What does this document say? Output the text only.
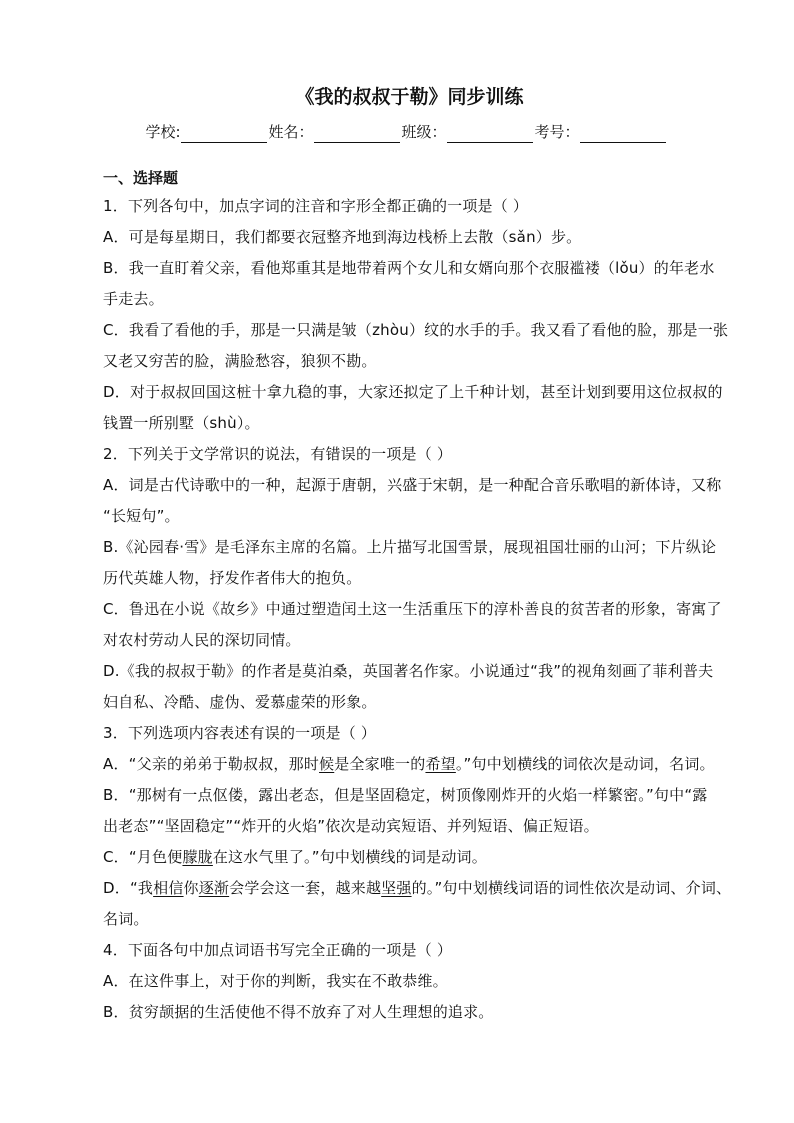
《我的叔叔于勒》同步训练
学校:	姓名：	班级：	考号：
一、选择题

1．下列各句中，加点字词的注音和字形全都正确的一项是（ ）

A．可是每星期日，我们都要衣冠整齐地到海边栈桥上去散（sǎn）步。

B．我一直盯着父亲，看他郑重其是地带着两个女儿和女婿向那个衣服褴褛（lǒu）的年老水

手走去。

C．我看了看他的手，那是一只满是皱（zhòu）纹的水手的手。我又看了看他的脸，那是一张

又老又穷苦的脸，满脸愁容，狼狈不勘。

D．对于叔叔回国这桩十拿九稳的事，大家还拟定了上千种计划，甚至计划到要用这位叔叔的

钱置一所别墅（shù）。

2．下列关于文学常识的说法，有错误的一项是（ ）

A．词是古代诗歌中的一种，起源于唐朝，兴盛于宋朝，是一种配合音乐歌唱的新体诗，又称

“长短句”。

B.《沁园春·雪》是毛泽东主席的名篇。上片描写北国雪景，展现祖国壮丽的山河；下片纵论

历代英雄人物，抒发作者伟大的抱负。

C．鲁迅在小说《故乡》中通过塑造闰土这一生活重压下的淳朴善良的贫苦者的形象，寄寓了

对农村劳动人民的深切同情。

D.《我的叔叔于勒》的作者是莫泊桑，英国著名作家。小说通过“我”的视角刻画了菲利普夫

妇自私、冷酷、虚伪、爱慕虚荣的形象。

3．下列选项内容表述有误的一项是（ ）

A．“父亲的弟弟于勒叔叔，那时候是全家唯一的希望。”句中划横线的词依次是动词，名词。

B．“那树有一点伛偻，露出老态，但是坚固稳定，树顶像刚炸开的火焰一样繁密。”句中“露

出老态”“坚固稳定”“炸开的火焰”依次是动宾短语、并列短语、偏正短语。

C．“月色便朦胧在这水气里了。”句中划横线的词是动词。

D．“我相信你逐渐会学会这一套，越来越坚强的。”句中划横线词语的词性依次是动词、介词、

名词。

4．下面各句中加点词语书写完全正确的一项是（ ）

A．在这件事上，对于你的判断，我实在不敢恭维。

B．贫穷颉据的生活使他不得不放弃了对人生理想的追求。
